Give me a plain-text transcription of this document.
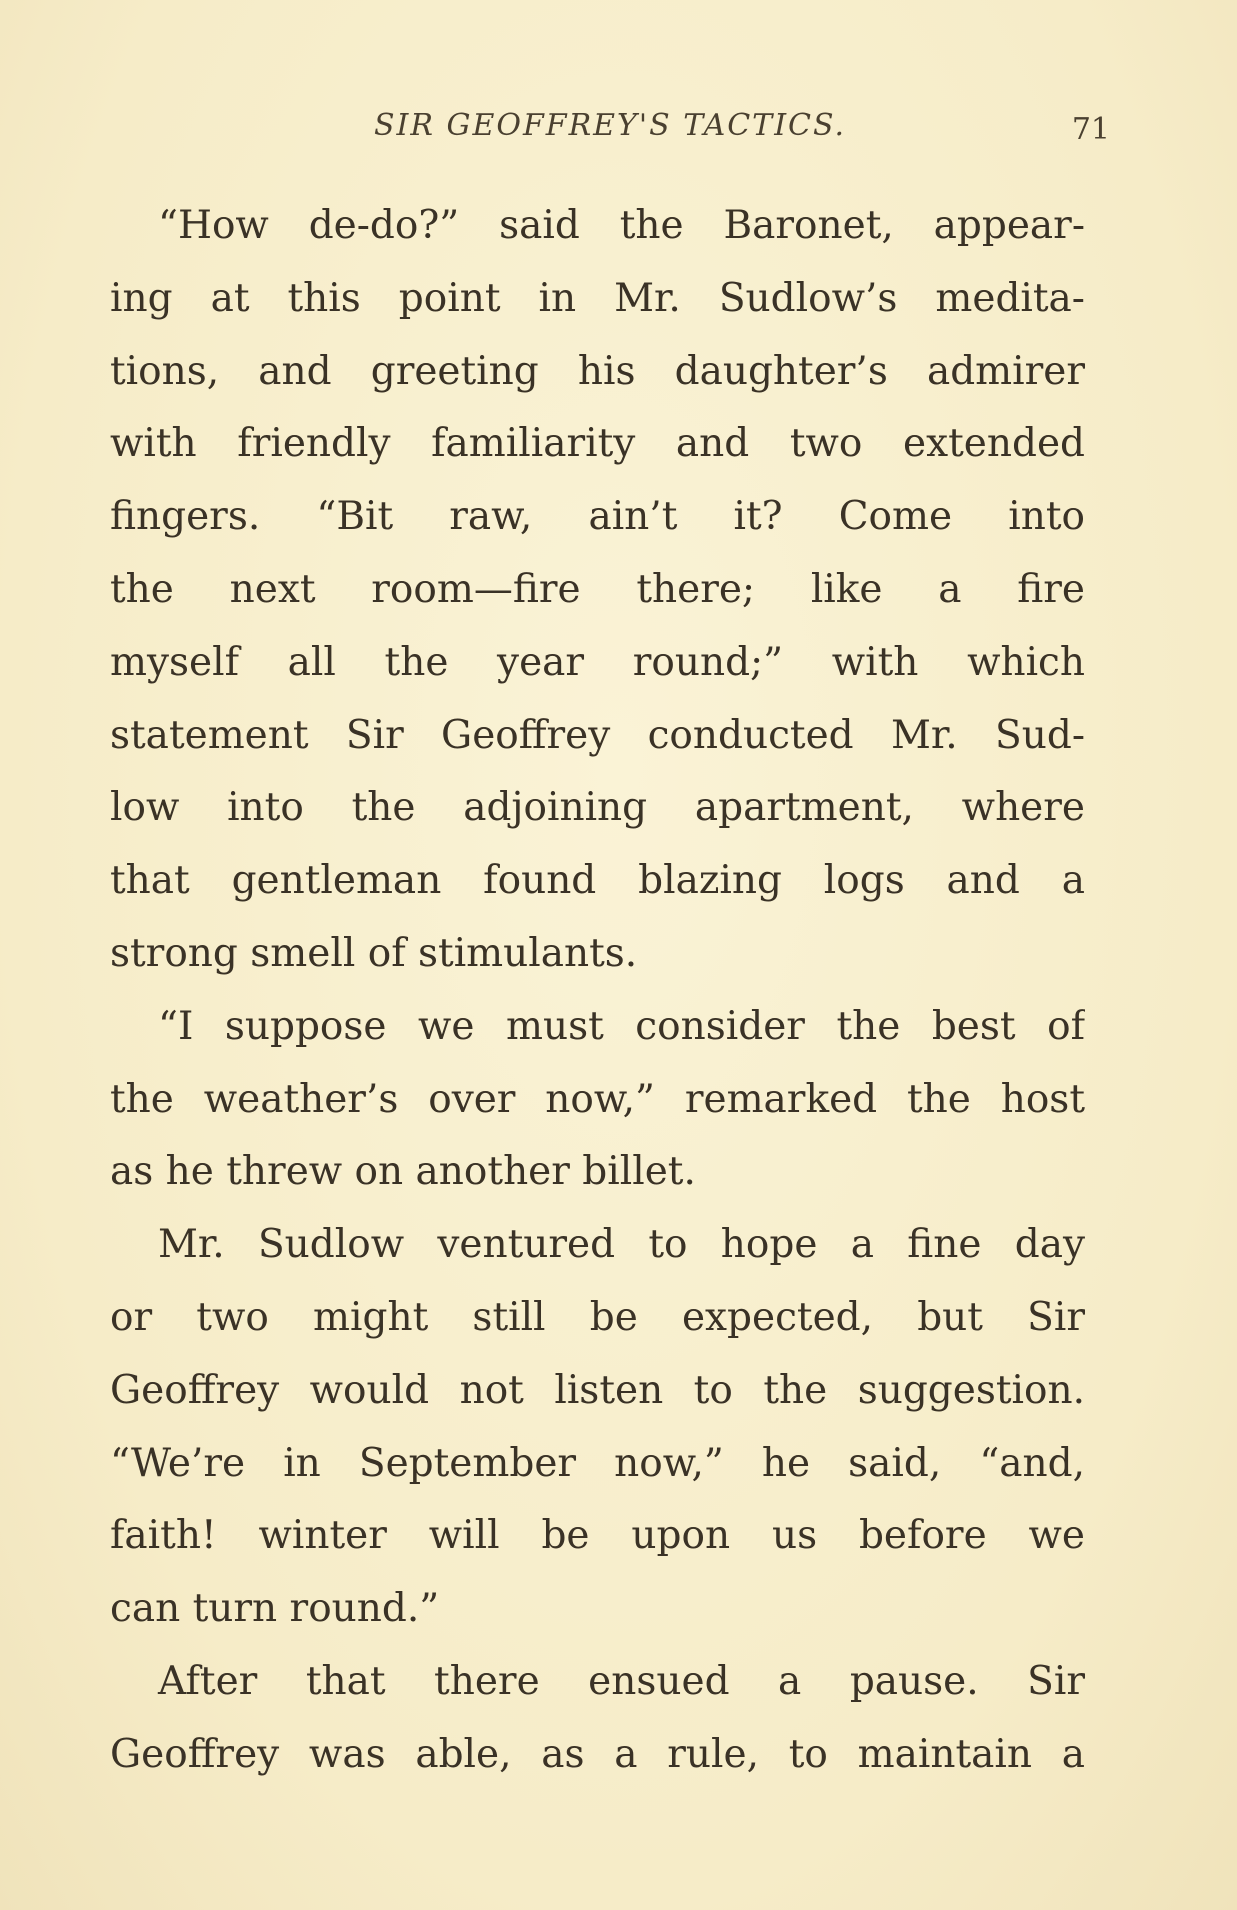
SIR GEOFFREY'S TACTICS.	71
“How de-do?” said the Baronet, appear-
ing at this point in Mr. Sudlow’s medita-
tions, and greeting his daughter’s admirer
with friendly familiarity and two extended
fingers. “Bit raw, ain’t it? Come into
the next room—fire there; like a fire
myself all the year round;” with which
statement Sir Geoffrey conducted Mr. Sud-
low into the adjoining apartment, where
that gentleman found blazing logs and a
strong smell of stimulants.
“I suppose we must consider the best of
the weather’s over now,” remarked the host
as he threw on another billet.
Mr. Sudlow ventured to hope a fine day
or two might still be expected, but Sir
Geoffrey would not listen to the suggestion.
“We’re in September now,” he said, “and,
faith! winter will be upon us before we
can turn round.”
After that there ensued a pause. Sir
Geoffrey was able, as a rule, to maintain a
